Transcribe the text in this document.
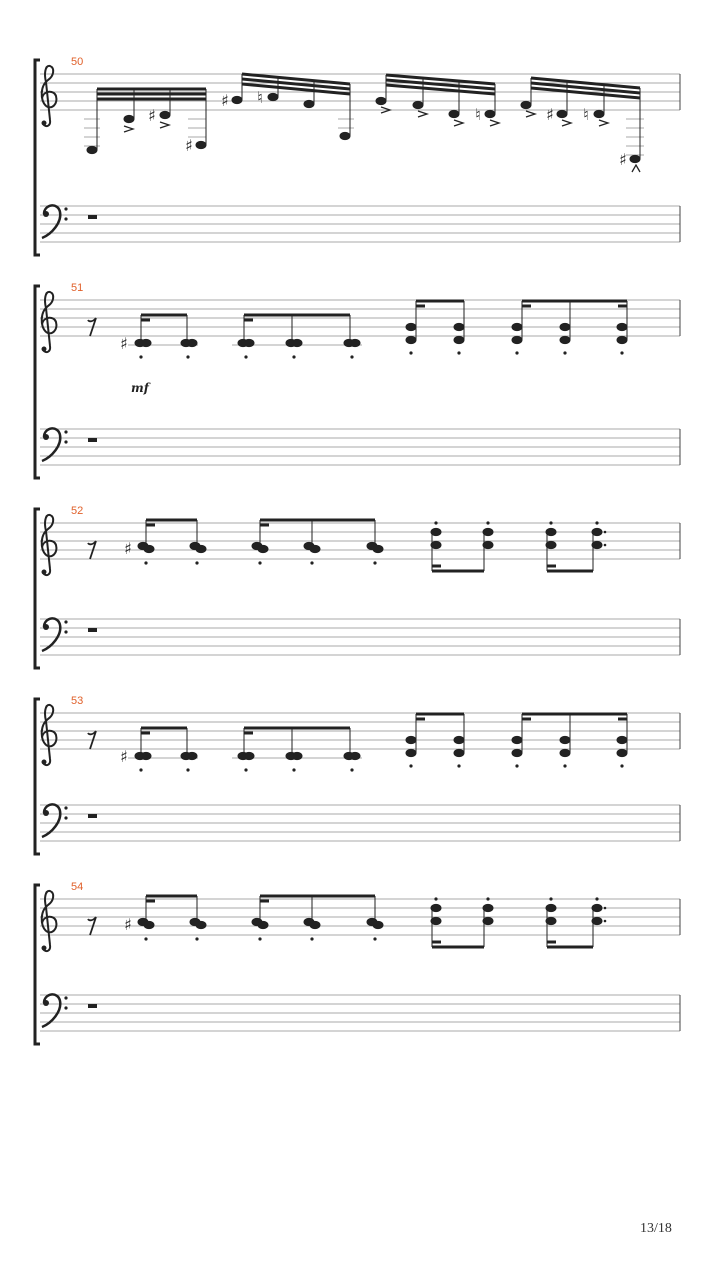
50
♯
♯
♯ ♮
♮	♯ ♮
♯
51
♯
mf
52
♯
53
♯
54
♯
13/18
